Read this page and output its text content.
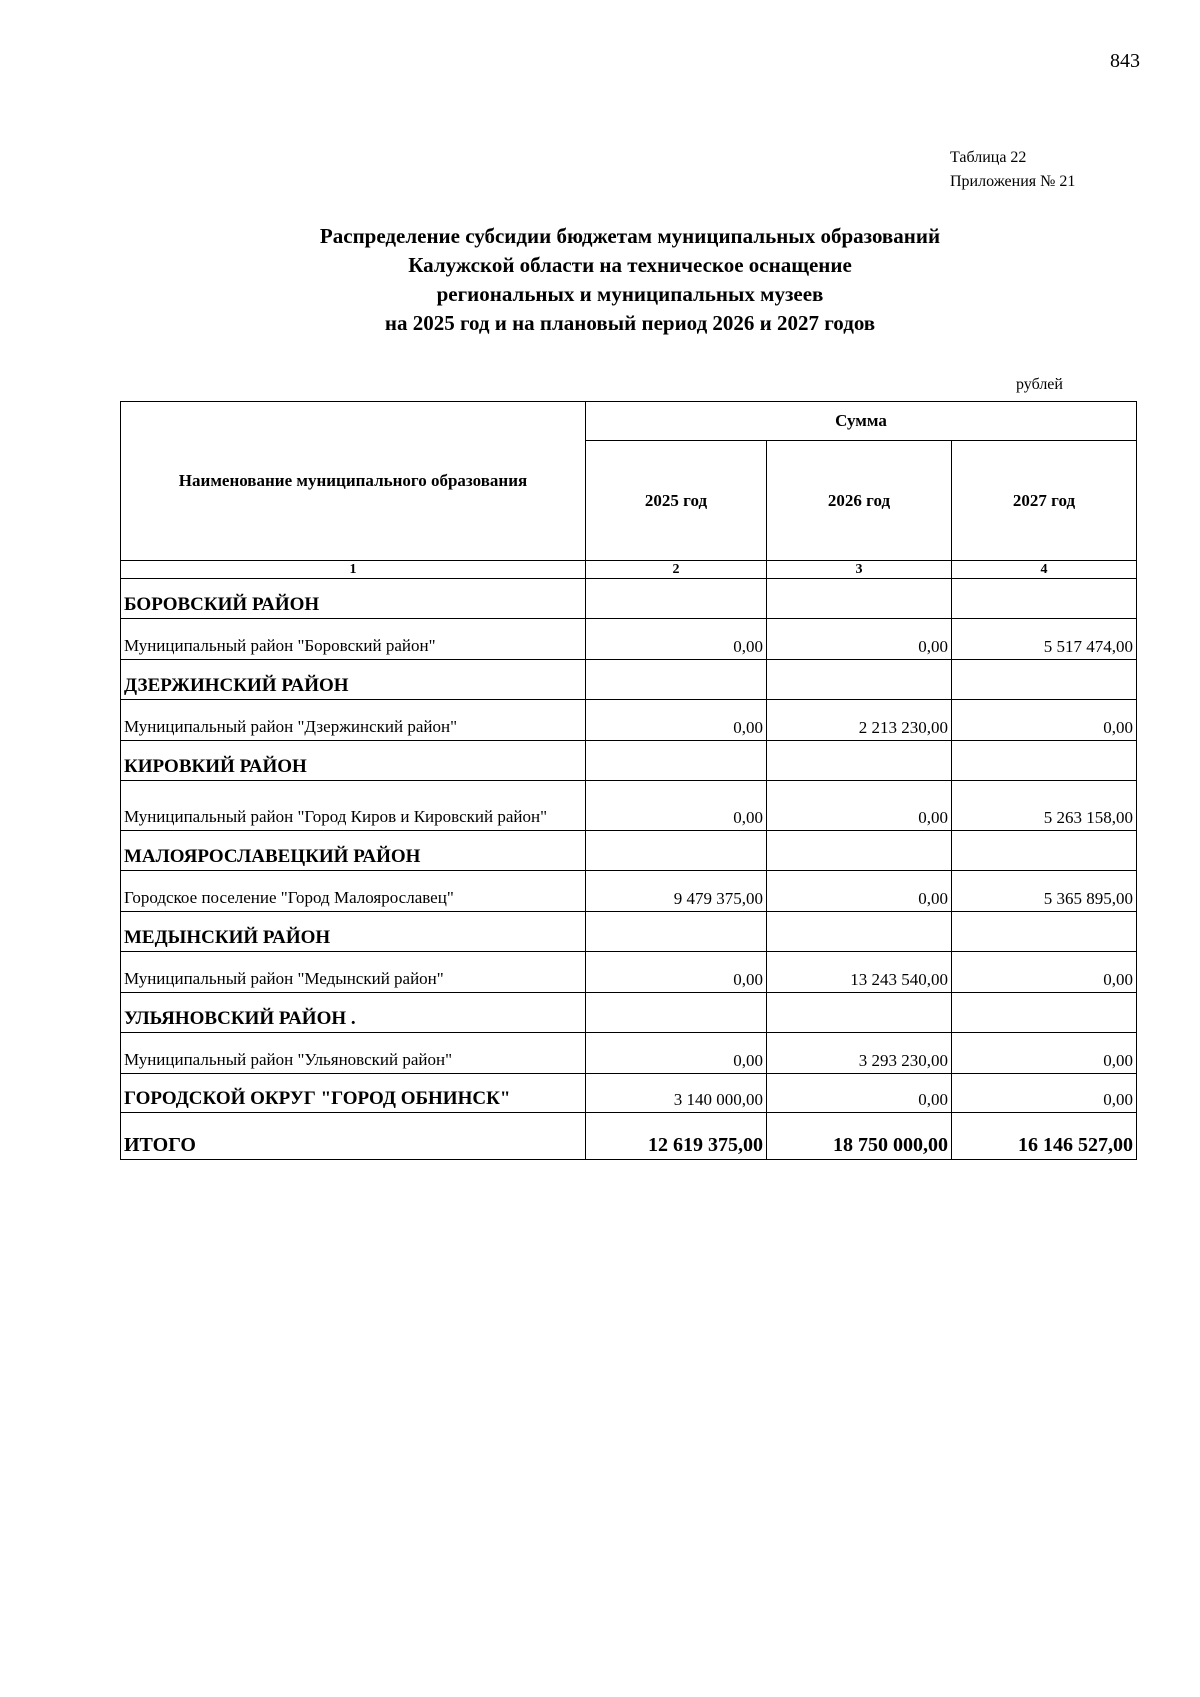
843
Таблица 22
Приложения № 21
Распределение субсидии бюджетам муниципальных образований
Калужской области на техническое оснащение
региональных и муниципальных музеев
на 2025 год и на плановый период 2026 и 2027 годов
рублей
Наименование муниципального образования	Сумма		
	2025 год	2026 год	2027 год
1	2	3	4
БОРОВСКИЙ РАЙОН			
Муниципальный район "Боровский район"	0,00	0,00	5 517 474,00
ДЗЕРЖИНСКИЙ РАЙОН			
Муниципальный район "Дзержинский район"	0,00	2 213 230,00	0,00
КИРОВКИЙ РАЙОН			
Муниципальный район "Город Киров и Кировский район"	0,00	0,00	5 263 158,00
МАЛОЯРОСЛАВЕЦКИЙ РАЙОН			
Городское поселение "Город Малоярославец"	9 479 375,00	0,00	5 365 895,00
МЕДЫНСКИЙ РАЙОН			
Муниципальный район "Медынский район"	0,00	13 243 540,00	0,00
УЛЬЯНОВСКИЙ РАЙОН .			
Муниципальный район "Ульяновский район"	0,00	3 293 230,00	0,00
ГОРОДСКОЙ ОКРУГ "ГОРОД ОБНИНСК"	3 140 000,00	0,00	0,00
ИТОГО	12 619 375,00	18 750 000,00	16 146 527,00
